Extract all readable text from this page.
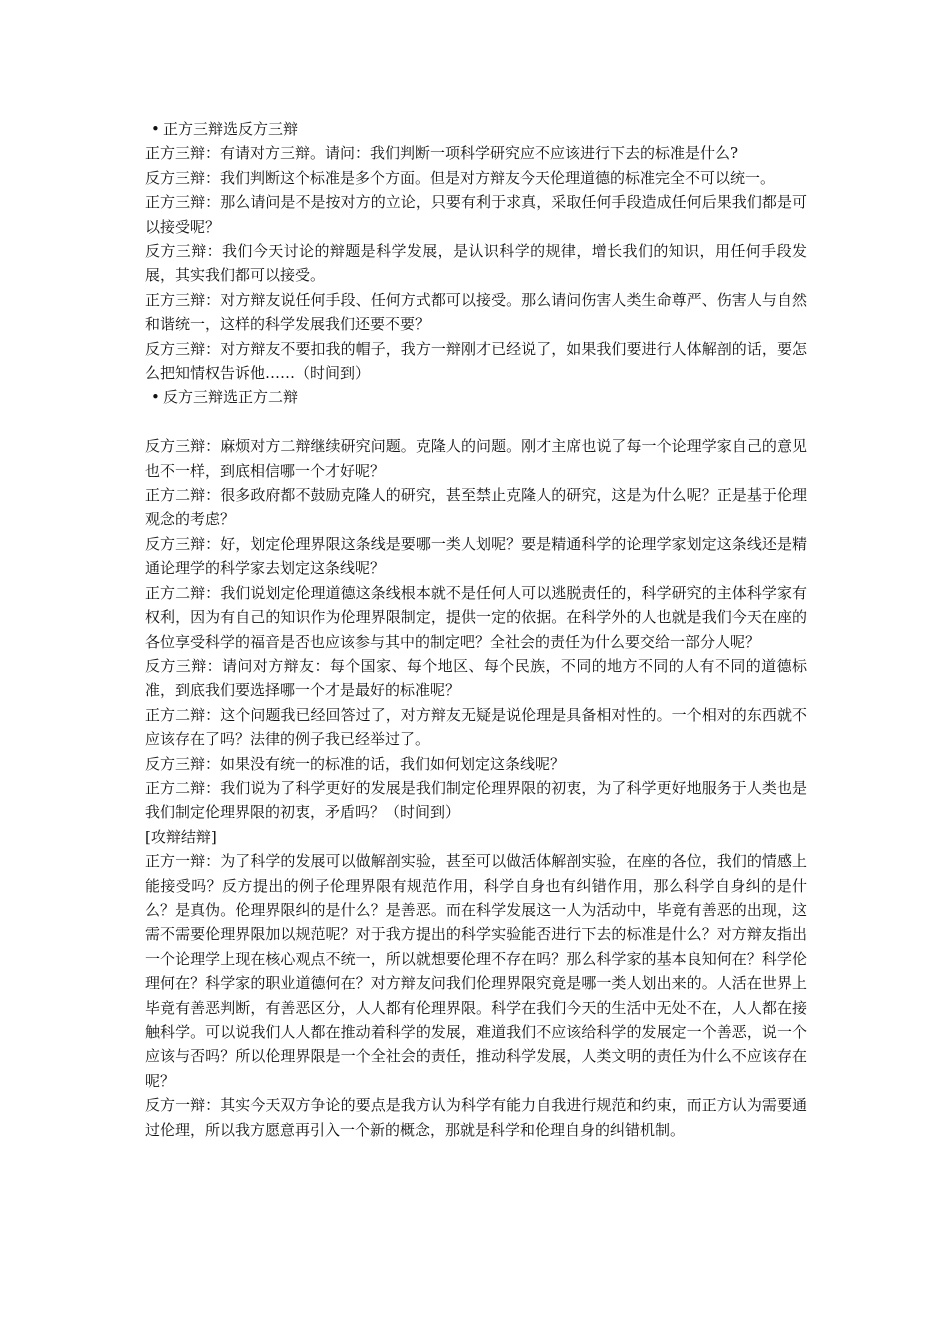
• 正方三辩选反方三辩

正方三辩：有请对方三辩。请问：我们判断一项科学研究应不应该进行下去的标准是什么?

反方三辩：我们判断这个标准是多个方面。但是对方辩友今天伦理道德的标准完全不可以统一。

正方三辩：那么请问是不是按对方的立论，只要有利于求真，采取任何手段造成任何后果我们都是可以接受呢？

反方三辩：我们今天讨论的辩题是科学发展，是认识科学的规律，增长我们的知识，用任何手段发展，其实我们都可以接受。

正方三辩：对方辩友说任何手段、任何方式都可以接受。那么请问伤害人类生命尊严、伤害人与自然和谐统一，这样的科学发展我们还要不要？

反方三辩：对方辩友不要扣我的帽子，我方一辩刚才已经说了，如果我们要进行人体解剖的话，要怎么把知情权告诉他……（时间到）

• 反方三辩选正方二辩

反方三辩：麻烦对方二辩继续研究问题。克隆人的问题。刚才主席也说了每一个论理学家自己的意见也不一样，到底相信哪一个才好呢？

正方二辩：很多政府都不鼓励克隆人的研究，甚至禁止克隆人的研究，这是为什么呢？正是基于伦理观念的考虑？

反方三辩：好，划定伦理界限这条线是要哪一类人划呢？要是精通科学的论理学家划定这条线还是精通论理学的科学家去划定这条线呢？

正方二辩：我们说划定伦理道德这条线根本就不是任何人可以逃脱责任的，科学研究的主体科学家有权利，因为有自己的知识作为伦理界限制定，提供一定的依据。在科学外的人也就是我们今天在座的各位享受科学的福音是否也应该参与其中的制定吧？全社会的责任为什么要交给一部分人呢？

反方三辩：请问对方辩友：每个国家、每个地区、每个民族，不同的地方不同的人有不同的道德标准，到底我们要选择哪一个才是最好的标准呢？

正方二辩：这个问题我已经回答过了，对方辩友无疑是说伦理是具备相对性的。一个相对的东西就不应该存在了吗？法律的例子我已经举过了。

反方三辩：如果没有统一的标准的话，我们如何划定这条线呢？

正方二辩：我们说为了科学更好的发展是我们制定伦理界限的初衷，为了科学更好地服务于人类也是我们制定伦理界限的初衷，矛盾吗？（时间到）

[攻辩结辩]

正方一辩：为了科学的发展可以做解剖实验，甚至可以做活体解剖实验，在座的各位，我们的情感上能接受吗？反方提出的例子伦理界限有规范作用，科学自身也有纠错作用，那么科学自身纠的是什么？是真伪。伦理界限纠的是什么？是善恶。而在科学发展这一人为活动中，毕竟有善恶的出现，这需不需要伦理界限加以规范呢？对于我方提出的科学实验能否进行下去的标准是什么？对方辩友指出一个论理学上现在核心观点不统一，所以就想要伦理不存在吗？那么科学家的基本良知何在？科学伦理何在？科学家的职业道德何在？对方辩友问我们伦理界限究竟是哪一类人划出来的。人活在世界上毕竟有善恶判断，有善恶区分，人人都有伦理界限。科学在我们今天的生活中无处不在，人人都在接触科学。可以说我们人人都在推动着科学的发展，难道我们不应该给科学的发展定一个善恶，说一个应该与否吗？所以伦理界限是一个全社会的责任，推动科学发展，人类文明的责任为什么不应该存在呢？

反方一辩：其实今天双方争论的要点是我方认为科学有能力自我进行规范和约束，而正方认为需要通过伦理，所以我方愿意再引入一个新的概念，那就是科学和伦理自身的纠错机制。
